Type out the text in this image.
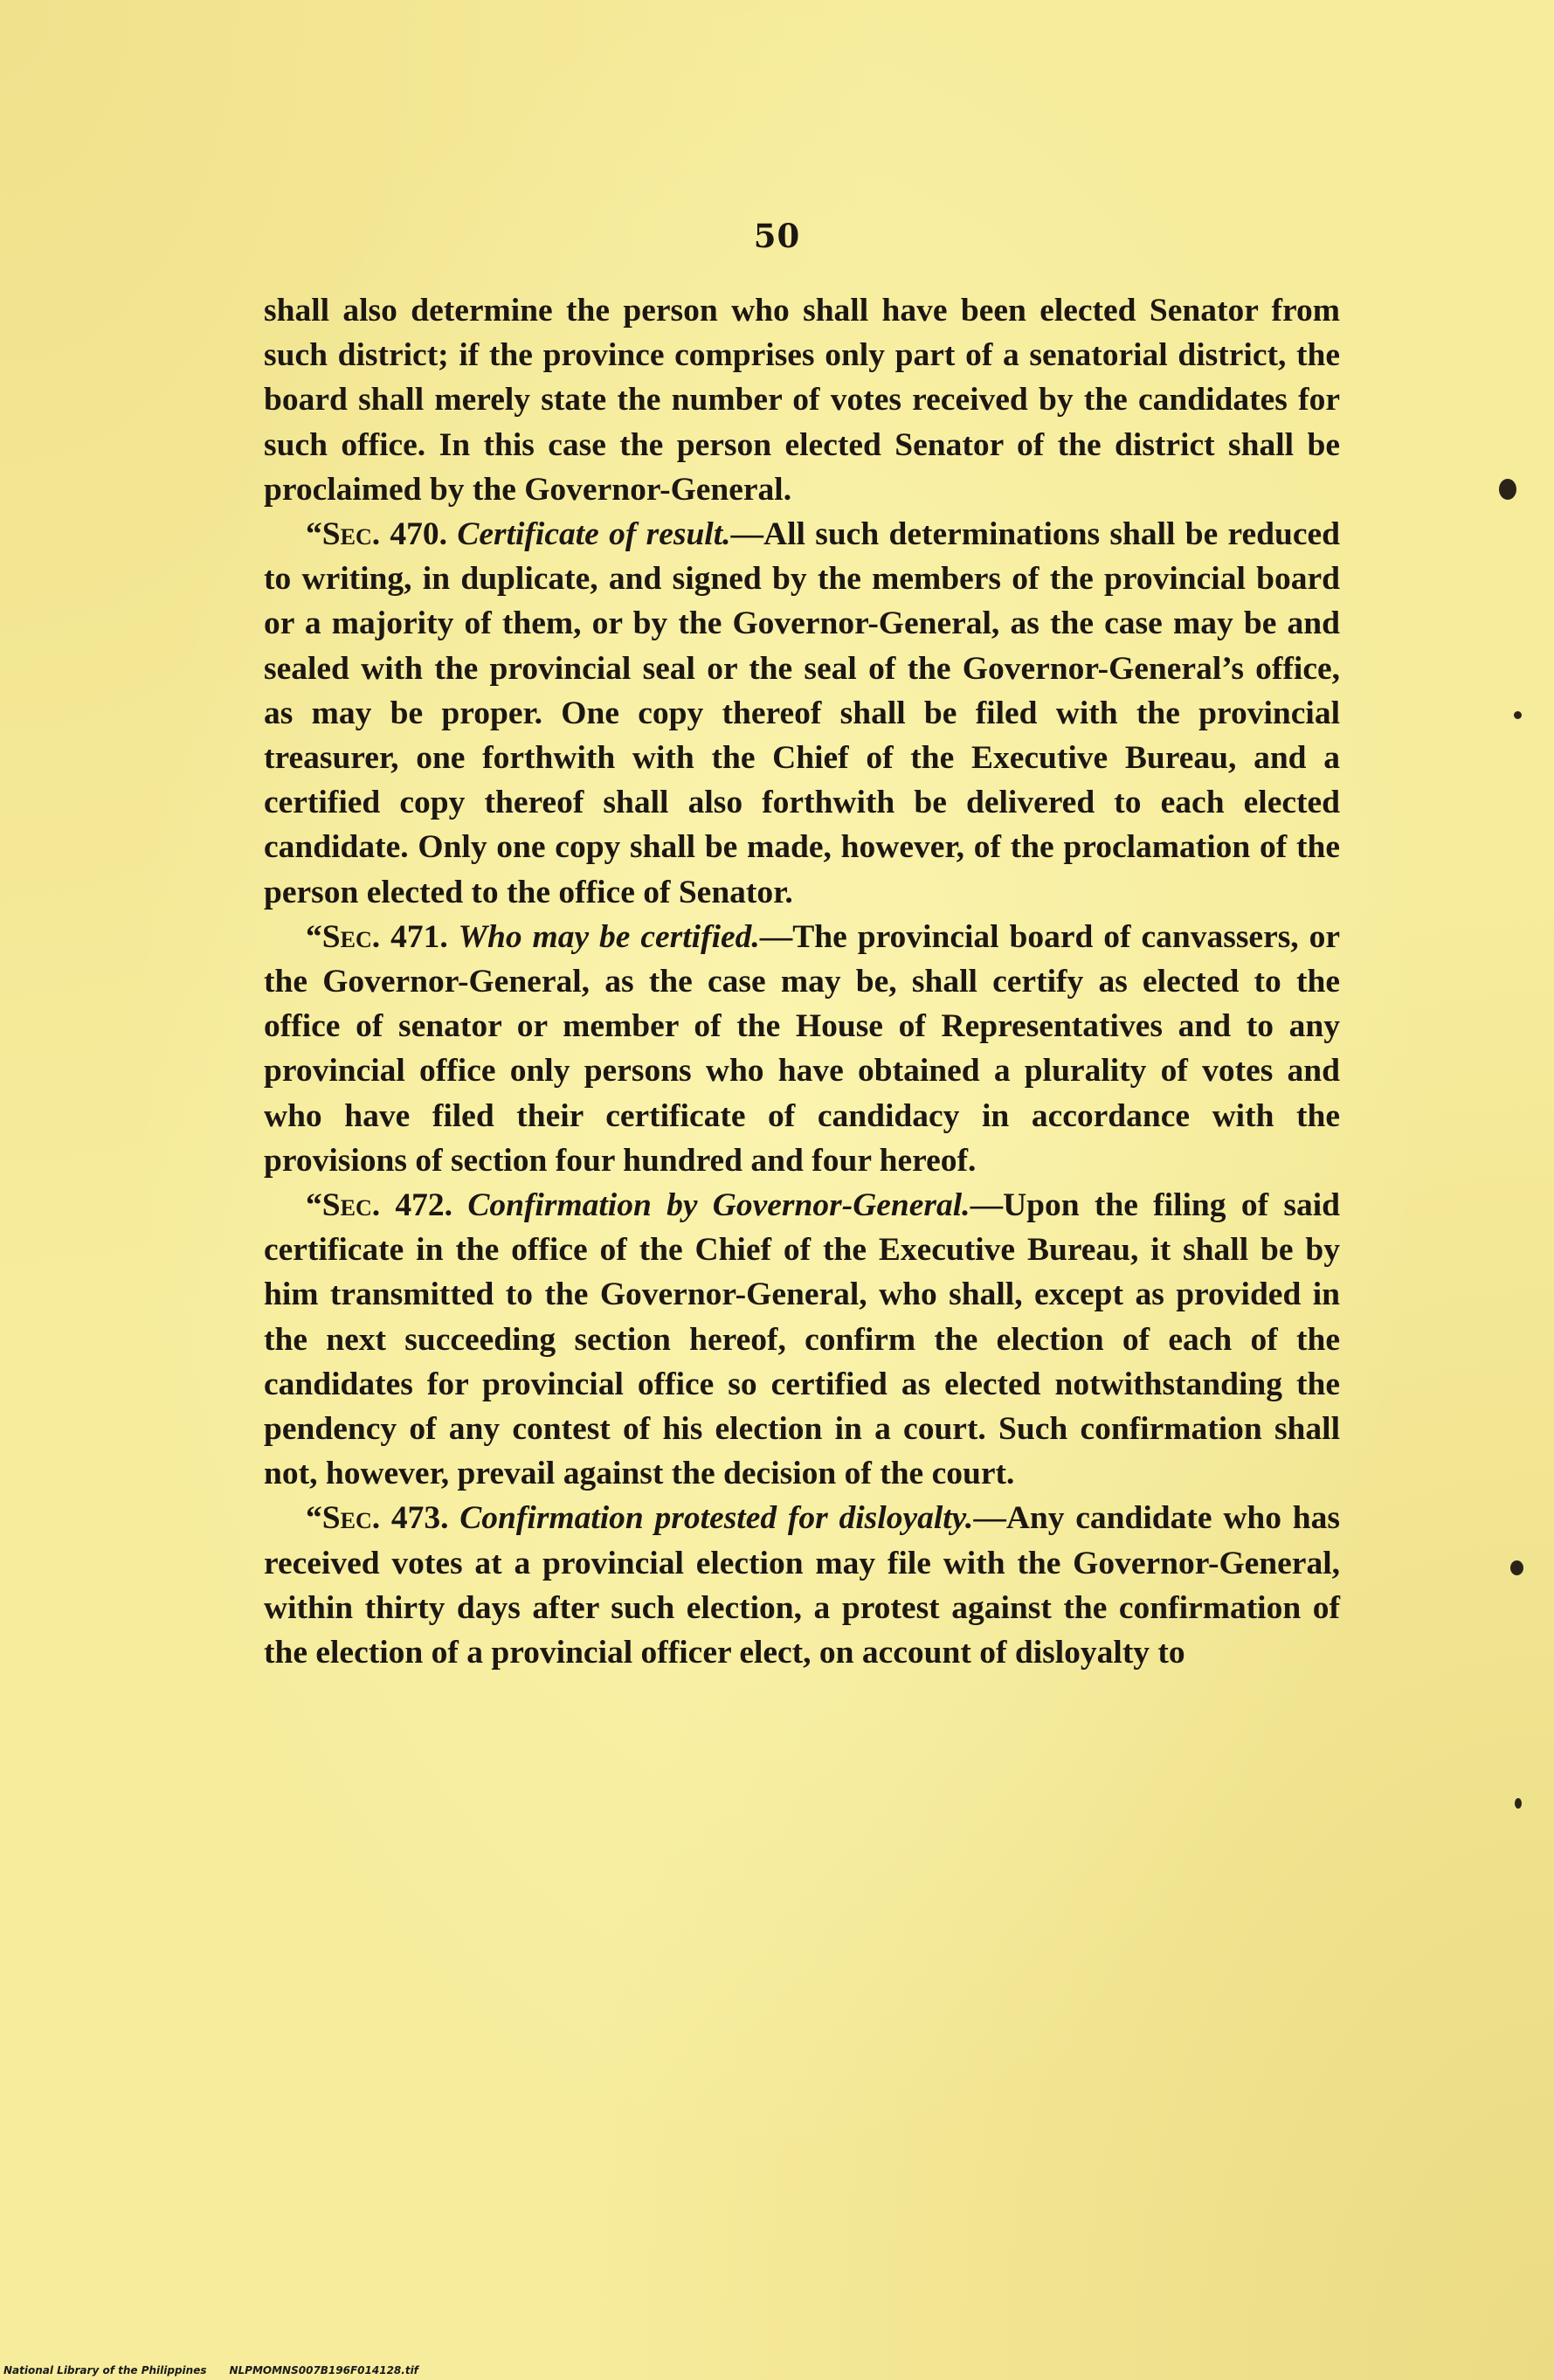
50

shall also determine the person who shall have been elected Senator from such district; if the province comprises only part of a senatorial district, the board shall merely state the number of votes received by the candidates for such office. In this case the person elected Senator of the district shall be proclaimed by the Governor-General.

“Sec. 470. Certificate of result.—All such determinations shall be reduced to writing, in duplicate, and signed by the members of the provincial board or a majority of them, or by the Governor-General, as the case may be and sealed with the provincial seal or the seal of the Governor-General’s office, as may be proper. One copy thereof shall be filed with the provincial treasurer, one forthwith with the Chief of the Executive Bureau, and a certified copy thereof shall also forthwith be delivered to each elected candidate. Only one copy shall be made, however, of the proclamation of the person elected to the office of Senator.

“Sec. 471. Who may be certified.—The provincial board of canvassers, or the Governor-General, as the case may be, shall certify as elected to the office of senator or member of the House of Representatives and to any provincial office only persons who have obtained a plurality of votes and who have filed their certificate of candidacy in accordance with the provisions of section four hundred and four hereof.

“Sec. 472. Confirmation by Governor-General.—Upon the filing of said certificate in the office of the Chief of the Executive Bureau, it shall be by him transmitted to the Governor-General, who shall, except as provided in the next succeeding section hereof, confirm the election of each of the candidates for provincial office so certified as elected notwithstanding the pendency of any contest of his election in a court. Such confirmation shall not, however, prevail against the decision of the court.

“Sec. 473. Confirmation protested for disloyalty.—Any candidate who has received votes at a provincial election may file with the Governor-General, within thirty days after such election, a protest against the confirmation of the election of a provincial officer elect, on account of disloyalty to

National Library of the Philippines NLPMOMNS007B196F014128.tif
